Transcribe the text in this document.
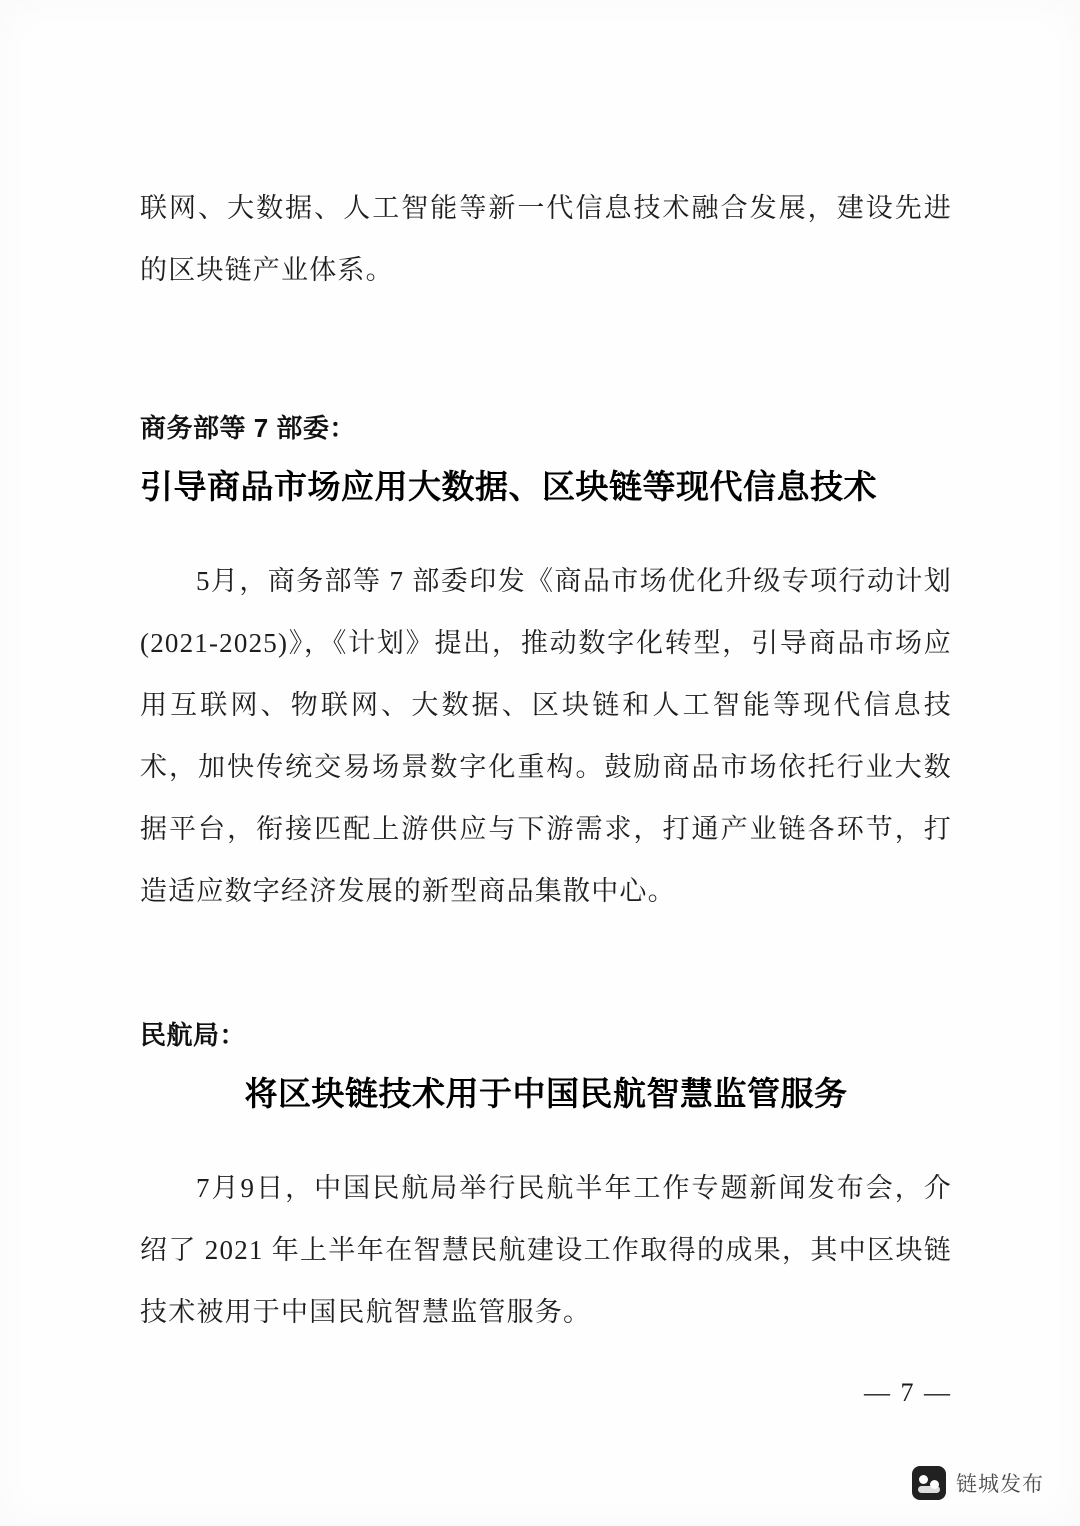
联网、大数据、人工智能等新一代信息技术融合发展，建设先进的区块链产业体系。

商务部等 7 部委：
引导商品市场应用大数据、区块链等现代信息技术

5月，商务部等 7 部委印发《商品市场优化升级专项行动计划(2021-2025)》，《计划》提出，推动数字化转型，引导商品市场应用互联网、物联网、大数据、区块链和人工智能等现代信息技术，加快传统交易场景数字化重构。鼓励商品市场依托行业大数据平台，衔接匹配上游供应与下游需求，打通产业链各环节，打造适应数字经济发展的新型商品集散中心。

民航局：
将区块链技术用于中国民航智慧监管服务

7月9日，中国民航局举行民航半年工作专题新闻发布会，介绍了 2021 年上半年在智慧民航建设工作取得的成果，其中区块链技术被用于中国民航智慧监管服务。

— 7 —
链城发布
